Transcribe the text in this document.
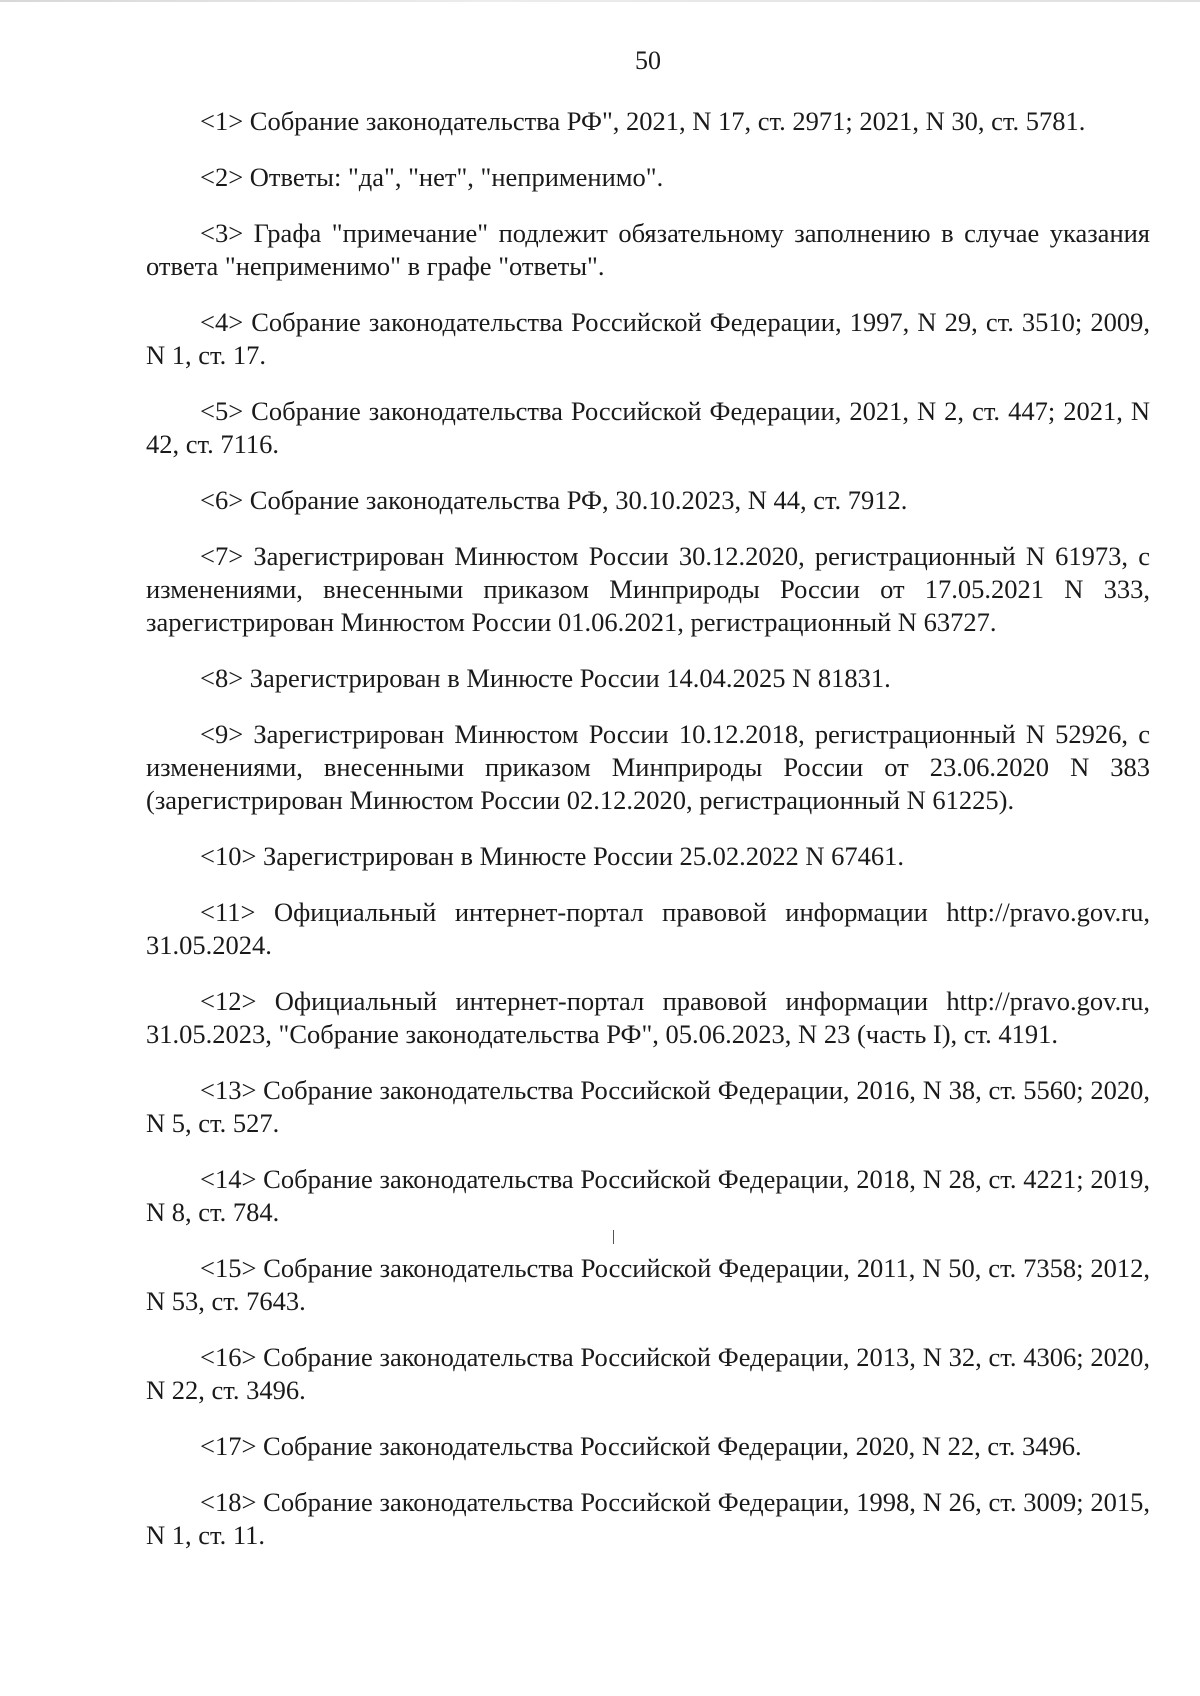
50

<1> Собрание законодательства РФ", 2021, N 17, ст. 2971; 2021, N 30, ст. 5781.

<2> Ответы: "да", "нет", "неприменимо".

<3> Графа "примечание" подлежит обязательному заполнению в случае указания ответа "неприменимо" в графе "ответы".

<4> Собрание законодательства Российской Федерации, 1997, N 29, ст. 3510; 2009, N 1, ст. 17.

<5> Собрание законодательства Российской Федерации, 2021, N 2, ст. 447; 2021, N 42, ст. 7116.

<6> Собрание законодательства РФ, 30.10.2023, N 44, ст. 7912.

<7> Зарегистрирован Минюстом России 30.12.2020, регистрационный N 61973, с изменениями, внесенными приказом Минприроды России от 17.05.2021 N 333, зарегистрирован Минюстом России 01.06.2021, регистрационный N 63727.

<8> Зарегистрирован в Минюсте России 14.04.2025 N 81831.

<9> Зарегистрирован Минюстом России 10.12.2018, регистрационный N 52926, с изменениями, внесенными приказом Минприроды России от 23.06.2020 N 383 (зарегистрирован Минюстом России 02.12.2020, регистрационный N 61225).

<10> Зарегистрирован в Минюсте России 25.02.2022 N 67461.

<11> Официальный интернет-портал правовой информации http://pravo.gov.ru, 31.05.2024.

<12> Официальный интернет-портал правовой информации http://pravo.gov.ru, 31.05.2023, "Собрание законодательства РФ", 05.06.2023, N 23 (часть I), ст. 4191.

<13> Собрание законодательства Российской Федерации, 2016, N 38, ст. 5560; 2020, N 5, ст. 527.

<14> Собрание законодательства Российской Федерации, 2018, N 28, ст. 4221; 2019, N 8, ст. 784.

<15> Собрание законодательства Российской Федерации, 2011, N 50, ст. 7358; 2012, N 53, ст. 7643.

<16> Собрание законодательства Российской Федерации, 2013, N 32, ст. 4306; 2020, N 22, ст. 3496.

<17> Собрание законодательства Российской Федерации, 2020, N 22, ст. 3496.

<18> Собрание законодательства Российской Федерации, 1998, N 26, ст. 3009; 2015, N 1, ст. 11.
